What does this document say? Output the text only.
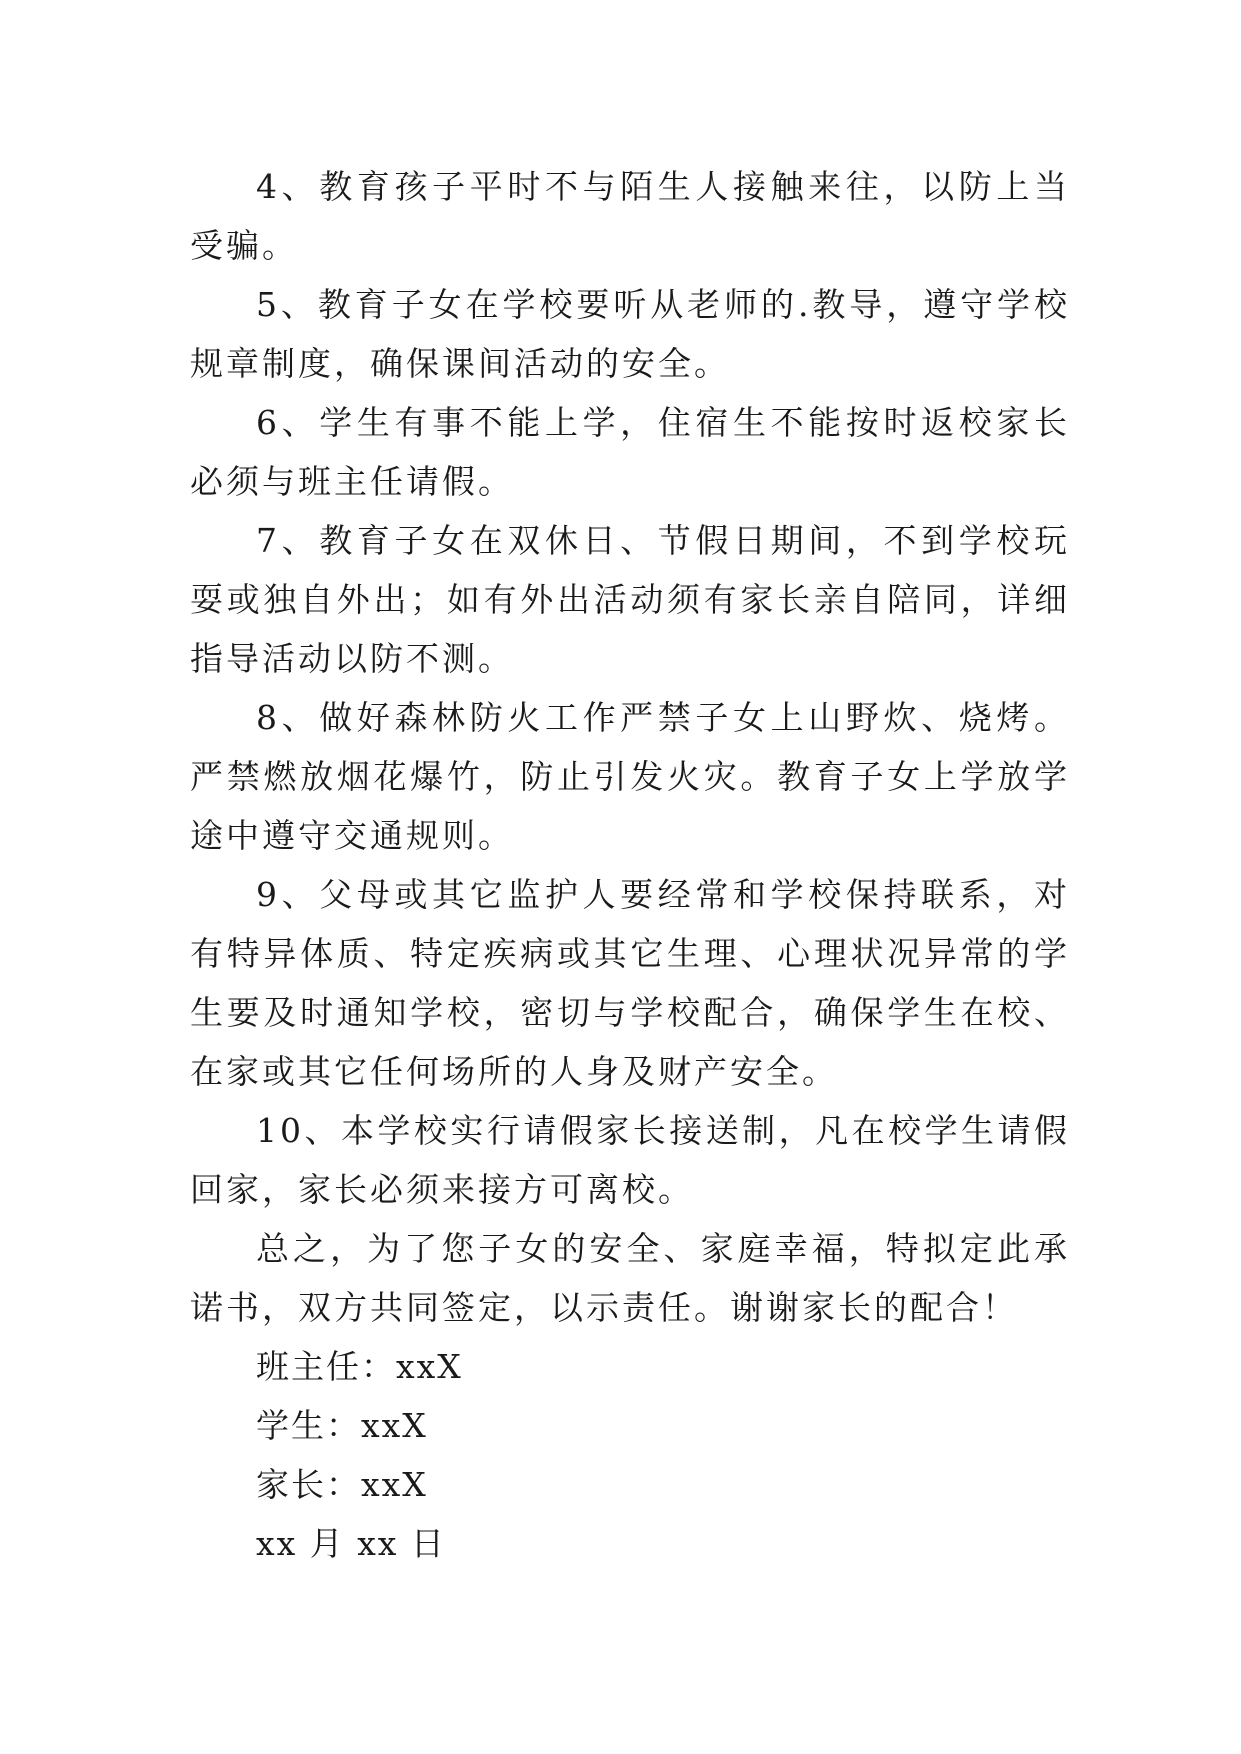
4、教育孩子平时不与陌生人接触来往，以防上当受骗。

5、教育子女在学校要听从老师的.教导，遵守学校规章制度，确保课间活动的安全。

6、学生有事不能上学，住宿生不能按时返校家长必须与班主任请假。

7、教育子女在双休日、节假日期间，不到学校玩耍或独自外出；如有外出活动须有家长亲自陪同，详细指导活动以防不测。

8、做好森林防火工作严禁子女上山野炊、烧烤。严禁燃放烟花爆竹，防止引发火灾。教育子女上学放学途中遵守交通规则。

9、父母或其它监护人要经常和学校保持联系，对有特异体质、特定疾病或其它生理、心理状况异常的学生要及时通知学校，密切与学校配合，确保学生在校、在家或其它任何场所的人身及财产安全。

10、本学校实行请假家长接送制，凡在校学生请假回家，家长必须来接方可离校。

总之，为了您子女的安全、家庭幸福，特拟定此承诺书，双方共同签定，以示责任。谢谢家长的配合！

班主任：xxX

学生：xxX

家长：xxX

xx 月 xx 日
